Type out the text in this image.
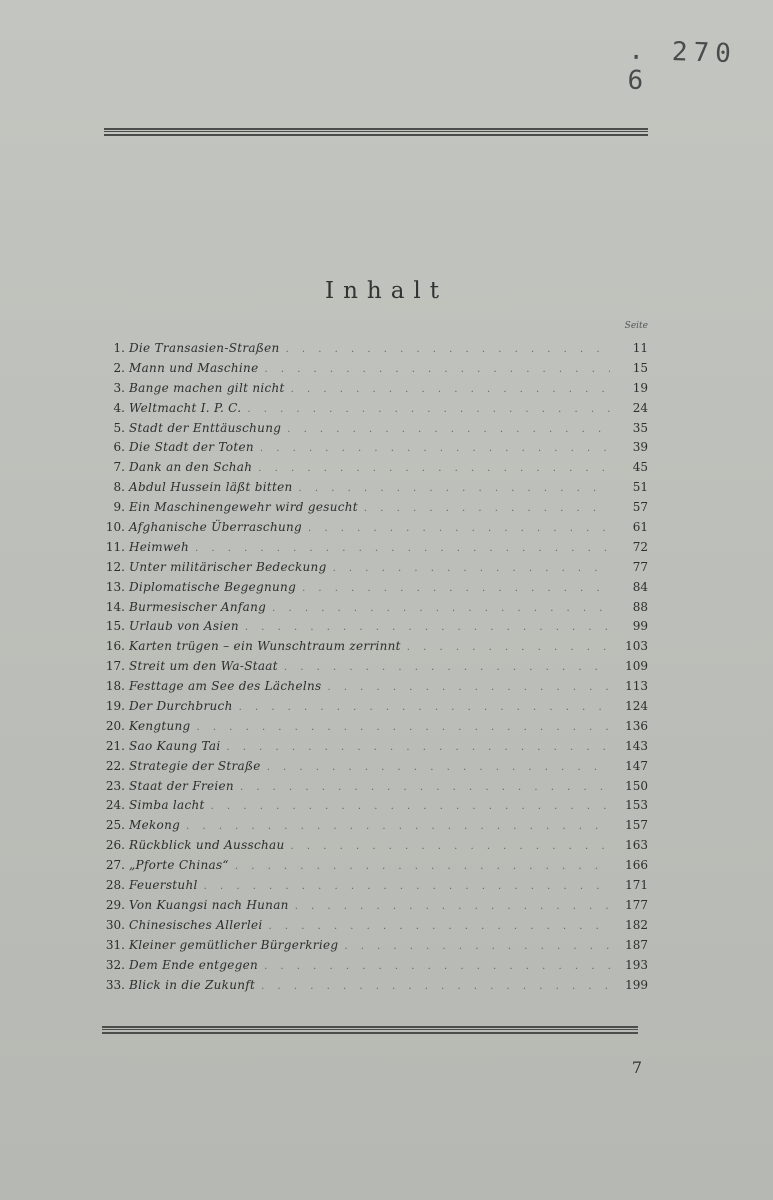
. 270 6
Inhalt
Seite
1. Die Transasien-Straßen . . .	11
2. Mann und Maschine . . .	15
3. Bange machen gilt nicht . . .	19
4. Weltmacht I. P. C. . . .	24
5. Stadt der Enttäuschung . . .	35
6. Die Stadt der Toten . . .	39
7. Dank an den Schah . . .	45
8. Abdul Hussein läßt bitten . . .	51
9. Ein Maschinengewehr wird gesucht . . .	57
10. Afghanische Überraschung . . .	61
11. Heimweh . . .	72
12. Unter militärischer Bedeckung . . .	77
13. Diplomatische Begegnung . . .	84
14. Burmesischer Anfang . . .	88
15. Urlaub von Asien . . .	99
16. Karten trügen – ein Wunschtraum zerrinnt . . .	103
17. Streit um den Wa-Staat . . .	109
18. Festtage am See des Lächelns . . .	113
19. Der Durchbruch . . .	124
20. Kengtung . . .	136
21. Sao Kaung Tai . . .	143
22. Strategie der Straße . . .	147
23. Staat der Freien . . .	150
24. Simba lacht . . .	153
25. Mekong . . .	157
26. Rückblick und Ausschau . . .	163
27. „Pforte Chinas“ . . .	166
28. Feuerstuhl . . .	171
29. Von Kuangsi nach Hunan . . .	177
30. Chinesisches Allerlei . . .	182
31. Kleiner gemütlicher Bürgerkrieg . . .	187
32. Dem Ende entgegen . . .	193
33. Blick in die Zukunft . . .	199
7
